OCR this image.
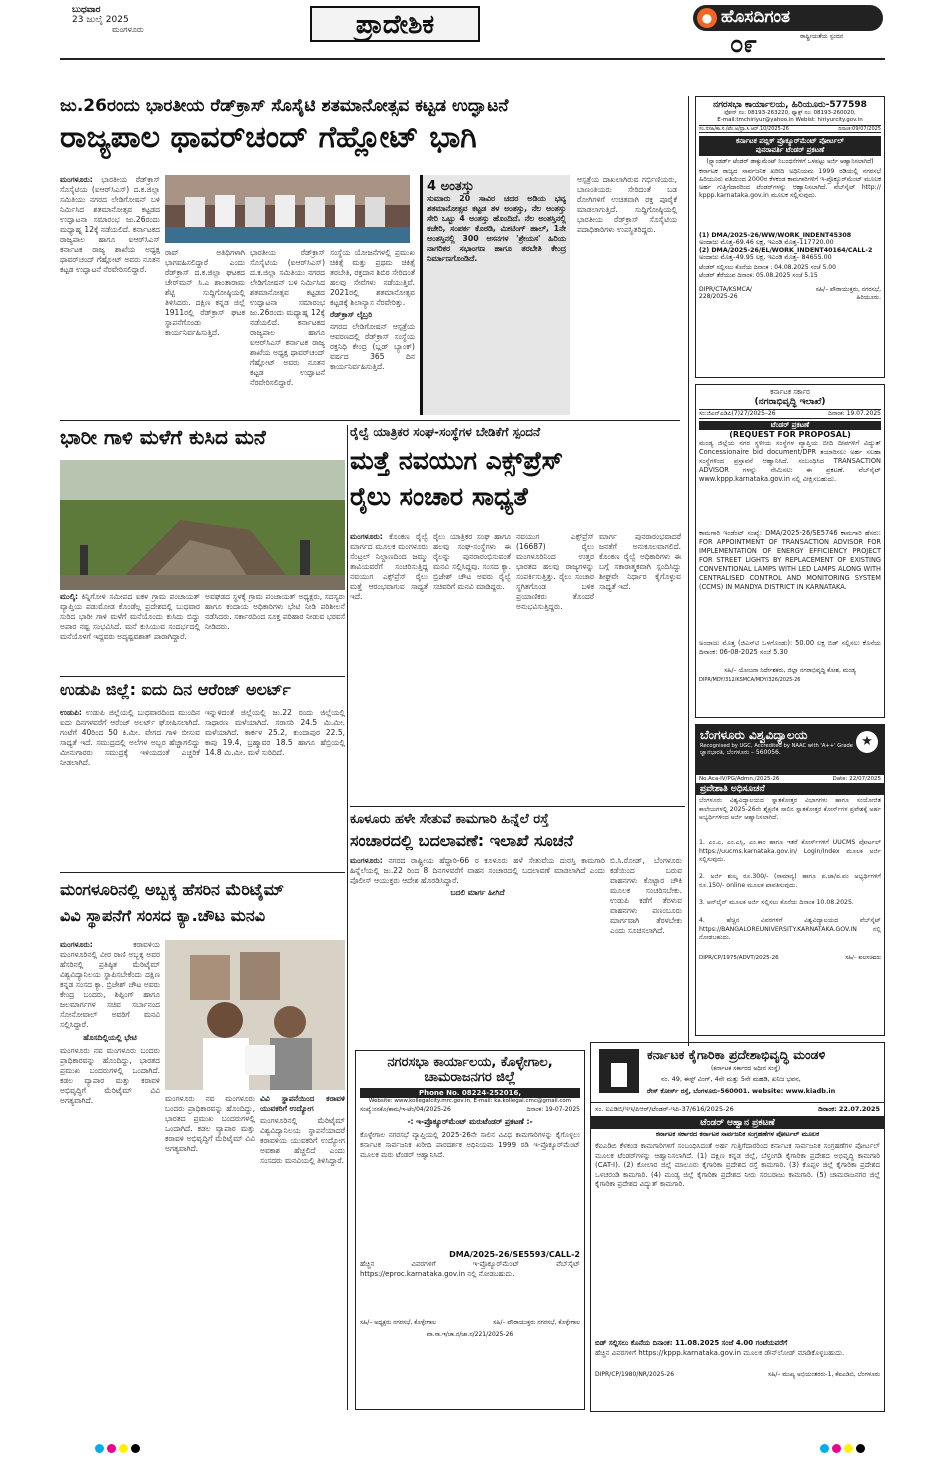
ಬುಧವಾರ
23 ಜುಲೈ 2025
ಮಂಗಳೂರು	ಪ್ರಾದೇಶಿಕ	● ಹೊಸದಿಗಂತ
ರಾಷ್ಟ್ರೀಯತೆಯ ಸ್ಪಂದನ
೦೯
ಜು.26ರಂದು ಭಾರತೀಯ ರೆಡ್‌ಕ್ರಾಸ್ ಸೊಸೈಟಿ ಶತಮಾನೋತ್ಸವ ಕಟ್ಟಡ ಉದ್ಘಾಟನೆ
ರಾಜ್ಯಪಾಲ ಥಾವರ್‌ಚಂದ್ ಗೆಹ್ಲೋಟ್ ಭಾಗಿ
ಮಂಗಳೂರು: ಭಾರತೀಯ ರೆಡ್‌ಕ್ರಾಸ್ ಸೊಸೈಟಿಯ (ಐಆರ್‌ಸಿಎಸ್) ದ.ಕ.ಜಿಲ್ಲಾ ಸಮಿತಿಯು ನಗರದ ಲೇಡಿಗೋಷನ್ ಬಳಿ ನಿರ್ಮಿಸಿದ ಶತಮಾನೋತ್ಸವ ಕಟ್ಟಡದ ಉದ್ಘಾಟನಾ ಸಮಾರಂಭ ಜು.26ರಂದು ಮಧ್ಯಾಹ್ನ 12ಕ್ಕೆ ನಡೆಯಲಿದೆ. ಕರ್ನಾಟಕದ ರಾಜ್ಯಪಾಲ ಹಾಗೂ ಐಆರ್‌ಸಿಎಸ್ ಕರ್ನಾಟಕ ರಾಜ್ಯ ಶಾಖೆಯ ಅಧ್ಯಕ್ಷ ಥಾವರ್‌ಚಂದ್ ಗೆಹ್ಲೋಟ್ ಅವರು ನೂತನ ಕಟ್ಟಡ ಉದ್ಘಾಟನೆ ನೆರವೇರಿಸಲಿದ್ದಾರೆ.
ರಾವ್ ಅತಿಥಿಗಳಾಗಿ ಭಾಗವಹಿಸಲಿದ್ದಾರೆ ಎಂದು ರೆಡ್‌ಕ್ರಾಸ್ ದ.ಕ.ಜಿಲ್ಲಾ ಘಟಕದ ಚೇರ್‌ಮನ್ ಸಿ.ಎ ಶಾಂತಾರಾಮ ಶೆಟ್ಟಿ ಸುದ್ದಿಗೋಷ್ಠಿಯಲ್ಲಿ ತಿಳಿಸಿದರು. ದಕ್ಷಿಣ ಕನ್ನಡ ಜಿಲ್ಲೆ 1911ರಲ್ಲಿ ರೆಡ್‌ಕ್ರಾಸ್ ಘಟಕ ಸ್ಥಾಪನೆಗೊಂಡು ಕಾರ್ಯನಿರ್ವಹಿಸುತ್ತಿದೆ.
ಭಾರತೀಯ ರೆಡ್‌ಕ್ರಾಸ್ ಸೊಸೈಟಿಯ (ಐಆರ್‌ಸಿಎಸ್) ದ.ಕ.ಜಿಲ್ಲಾ ಸಮಿತಿಯು ನಗರದ ಲೇಡಿಗೋಷನ್ ಬಳಿ ನಿರ್ಮಿಸಿದ ಶತಮಾನೋತ್ಸವ ಕಟ್ಟಡದ ಉದ್ಘಾಟನಾ ಸಮಾರಂಭ ಜು.26ರಂದು ಮಧ್ಯಾಹ್ನ 12ಕ್ಕೆ ನಡೆಯಲಿದೆ. ಕರ್ನಾಟಕದ ರಾಜ್ಯಪಾಲ ಹಾಗೂ ಐಆರ್‌ಸಿಎಸ್ ಕರ್ನಾಟಕ ರಾಜ್ಯ ಶಾಖೆಯ ಅಧ್ಯಕ್ಷ ಥಾವರ್‌ಚಂದ್ ಗೆಹ್ಲೋಟ್ ಅವರು ನೂತನ ಕಟ್ಟಡ ಉದ್ಘಾಟನೆ ನೆರವೇರಿಸಲಿದ್ದಾರೆ.
ಸಂಸ್ಥೆಯ ಯೋಜನೆಗಳಲ್ಲಿ ಪ್ರಮುಖ ಚಿಕಿತ್ಸೆ ಮತ್ತು ಪ್ರಥಮ ಚಿಕಿತ್ಸೆ ತರಬೇತಿ, ರಕ್ತದಾನ ಶಿಬಿರ ಸೇರಿದಂತೆ ಹಲವು ಸೇವೆಗಳು ನಡೆಯುತ್ತಿವೆ. 2021ರಲ್ಲಿ ಶತಮಾನೋತ್ಸವ ಕಟ್ಟಡಕ್ಕೆ ಶಿಲಾನ್ಯಾಸ ನೆರವೇರಿತ್ತು.
ರೆಡ್‌ಕ್ರಾಸ್ ಲೈಬ್ರರಿ
ನಗರದ ಲೇಡಿಗೋಷನ್ ಆಸ್ಪತ್ರೆಯ ಆವರಣದಲ್ಲಿ ರೆಡ್‌ಕ್ರಾಸ್ ಸಂಸ್ಥೆಯ ರಕ್ತನಿಧಿ ಕೇಂದ್ರ (ಬ್ಲಡ್ ಬ್ಯಾಂಕ್) ವರ್ಷದ 365 ದಿನ ಕಾರ್ಯನಿರ್ವಹಿಸುತ್ತಿದೆ.
4 ಅಂತಸ್ತು
ಸುಮಾರು 20 ಸಾವಿರ ಚದರ ಅಡಿಯ ಭವ್ಯ ಶತಮಾನೋತ್ಸವ ಕಟ್ಟಡ ತಳ ಅಂತಸ್ತು, ನೆಲ ಅಂತಸ್ತು ಸೇರಿ ಒಟ್ಟು 4 ಅಂತಸ್ತು ಹೊಂದಿದೆ. ನೆಲ ಅಂತಸ್ತಿನಲ್ಲಿ ಕಚೇರಿ, ಸಂಪರ್ಕ ಕೊಠಡಿ, ಮೀಟಿಂಗ್ ಹಾಲ್, 1ನೇ ಅಂತಸ್ತಿನಲ್ಲಿ 300 ಆಸನಗಳ 'ಶ್ರೇಯಸ' ಹಿರಿಯ ನಾಗರಿಕರ ಸಭಾಂಗಣ ಹಾಗೂ ತರಬೇತಿ ಕೇಂದ್ರ ನಿರ್ಮಾಣಗೊಂಡಿದೆ.
ಆಸ್ಪತ್ರೆಯ ದಾಖಲಾಗಿರುವ ಗರ್ಭಿಣಿಯರು, ಬಾಣಂತಿಯರು ಸೇರಿದಂತೆ ಬಡ ರೋಗಿಗಳಿಗೆ ಉಚಿತವಾಗಿ ರಕ್ತ ಪೂರೈಕೆ ಮಾಡಲಾಗುತ್ತಿದೆ. ಸುದ್ದಿಗೋಷ್ಠಿಯಲ್ಲಿ ಭಾರತೀಯ ರೆಡ್‌ಕ್ರಾಸ್ ಸೊಸೈಟಿಯ ಪದಾಧಿಕಾರಿಗಳು ಉಪಸ್ಥಿತರಿದ್ದರು.
ಭಾರೀ ಗಾಳಿ ಮಳೆಗೆ ಕುಸಿದ ಮನೆ
ಮುಲ್ಕಿ: ಕಿನ್ನಿಗೋಳಿ ಸಮೀಪದ ಐಕಳ ಗ್ರಾಮ ಪಂಚಾಯತ್ ವ್ಯಾಪ್ತಿಯ ಪಡುಮೋಡ ಕೊಂಡೆಲ್ಲ ಪ್ರದೇಶದಲ್ಲಿ ಬುಧವಾರ ಸುರಿದ ಭಾರೀ ಗಾಳಿ ಮಳೆಗೆ ಮನೆಯೊಂದು ಕುಸಿದು ಬಿದ್ದು ಅಪಾರ ನಷ್ಟ ಸಂಭವಿಸಿದೆ. ಮನೆ ಕುಸಿಯುವ ಸಂದರ್ಭದಲ್ಲಿ ಮನೆಯೊಳಗೆ ಇದ್ದವರು ಅದೃಷ್ಟವಶಾತ್ ಪಾರಾಗಿದ್ದಾರೆ.
ಅವಘಡದ ಸ್ಥಳಕ್ಕೆ ಗ್ರಾಮ ಪಂಚಾಯತ್ ಅಧ್ಯಕ್ಷರು, ಸದಸ್ಯರು ಹಾಗೂ ಕಂದಾಯ ಅಧಿಕಾರಿಗಳು ಭೇಟಿ ನೀಡಿ ಪರಿಶೀಲನೆ ನಡೆಸಿದರು. ಸರ್ಕಾರದಿಂದ ಸೂಕ್ತ ಪರಿಹಾರ ನೀಡುವ ಭರವಸೆ ನೀಡಿದರು.
ಉಡುಪಿ ಜಿಲ್ಲೆ: ಐದು ದಿನ ಆರೆಂಜ್ ಅಲರ್ಟ್
ಉಡುಪಿ: ಉಡುಪಿ ಜಿಲ್ಲೆಯಲ್ಲಿ ಬುಧವಾರದಿಂದ ಮುಂದಿನ ಐದು ದಿನಗಳವರೆಗೆ ಆರೆಂಜ್ ಅಲರ್ಟ್ ಘೋಷಿಸಲಾಗಿದೆ. ಗಂಟೆಗೆ 40ರಿಂದ 50 ಕಿ.ಮೀ. ವೇಗದ ಗಾಳಿ ಬೀಸುವ ಸಾಧ್ಯತೆ ಇದೆ. ಸಮುದ್ರದಲ್ಲಿ ಅಲೆಗಳ ಅಬ್ಬರ ಹೆಚ್ಚಾಗಲಿದ್ದು ಮೀನುಗಾರರು ಸಮುದ್ರಕ್ಕೆ ಇಳಿಯದಂತೆ ಎಚ್ಚರಿಕೆ ನೀಡಲಾಗಿದೆ.
ಇನ್ನುಳಿದಂತೆ ಜಿಲ್ಲೆಯಲ್ಲಿ ಜು.22 ರಂದು ಜಿಲ್ಲೆಯಲ್ಲಿ ಸಾಧಾರಣ ಮಳೆಯಾಗಿದೆ. ಸರಾಸರಿ 24.5 ಮಿ.ಮೀ. ಮಳೆಯಾಗಿದೆ. ಕಾರ್ಕಳ 25.2, ಕುಂದಾಪುರ 22.5, ಕಾಪು 19.4, ಬ್ರಹ್ಮಾವರ 18.5 ಹಾಗೂ ಹೆಬ್ರಿಯಲ್ಲಿ 14.8 ಮಿ.ಮೀ. ಮಳೆ ಸುರಿದಿದೆ.
ಮಂಗಳೂರಿನಲ್ಲಿ ಅಬ್ಬಕ್ಕ ಹೆಸರಿನ ಮೆರಿಟೈಮ್
ವಿವಿ ಸ್ಥಾಪನೆಗೆ ಸಂಸದ ಕ್ಯಾ.ಚೌಟ ಮನವಿ
ಮಂಗಳೂರು:	ಕರಾವಳಿಯ ಮಂಗಳೂರಿನಲ್ಲಿ ವೀರ ರಾಣಿ ಅಬ್ಬಕ್ಕ ಅವರ ಹೆಸರಿನಲ್ಲಿ ಪ್ರತಿಷ್ಠಿತ ಮೆರಿಟೈಮ್ ವಿಶ್ವವಿದ್ಯಾನಿಲಯ ಸ್ಥಾಪಿಸಬೇಕೆಂದು ದಕ್ಷಿಣ ಕನ್ನಡ ಸಂಸದ ಕ್ಯಾ. ಬ್ರಿಜೇಶ್ ಚೌಟ ಅವರು ಕೇಂದ್ರ ಬಂದರು, ಶಿಪ್ಪಿಂಗ್ ಹಾಗೂ ಜಲಮಾರ್ಗಗಳ ಸಚಿವ ಸರ್ಬಾನಂದ ಸೋನೋವಾಲ್ ಅವರಿಗೆ ಮನವಿ ಸಲ್ಲಿಸಿದ್ದಾರೆ.
ಹೊಸದಿಲ್ಲಿಯಲ್ಲಿ ಭೇಟಿ
ಮಂಗಳೂರು ನವ ಮಂಗಳೂರು ಬಂದರು ಪ್ರಾಧಿಕಾರವನ್ನು ಹೊಂದಿದ್ದು, ಭಾರತದ ಪ್ರಮುಖ ಬಂದರುಗಳಲ್ಲಿ ಒಂದಾಗಿದೆ. ಕಡಲ ವ್ಯಾಪಾರ ಮತ್ತು ಕರಾವಳಿ ಅಭಿವೃದ್ಧಿಗೆ ಮೆರಿಟೈಮ್ ವಿವಿ ಅಗತ್ಯವಾಗಿದೆ.	ಮಂಗಳೂರು ನವ ಮಂಗಳೂರು ಬಂದರು ಪ್ರಾಧಿಕಾರವನ್ನು ಹೊಂದಿದ್ದು, ಭಾರತದ ಪ್ರಮುಖ ಬಂದರುಗಳಲ್ಲಿ ಒಂದಾಗಿದೆ. ಕಡಲ ವ್ಯಾಪಾರ ಮತ್ತು ಕರಾವಳಿ ಅಭಿವೃದ್ಧಿಗೆ ಮೆರಿಟೈಮ್ ವಿವಿ ಅಗತ್ಯವಾಗಿದೆ.
ವಿವಿ ಸ್ಥಾಪನೆಯಿಂದ ಕರಾವಳಿ ಯುವಕರಿಗೆ ಉದ್ಯೋಗ
ಮಂಗಳೂರಿನಲ್ಲಿ ಮೆರಿಟೈಮ್ ವಿಶ್ವವಿದ್ಯಾನಿಲಯ ಸ್ಥಾಪನೆಯಾದರೆ ಕರಾವಳಿಯ ಯುವಕರಿಗೆ ಉದ್ಯೋಗ ಅವಕಾಶ ಹೆಚ್ಚಲಿದೆ ಎಂದು ಸಂಸದರು ಮನವಿಯಲ್ಲಿ ತಿಳಿಸಿದ್ದಾರೆ.
ರೈಲ್ವೆ ಯಾತ್ರಿಕರ ಸಂಘ-ಸಂಸ್ಥೆಗಳ ಬೇಡಿಕೆಗೆ ಸ್ಪಂದನೆ
ಮತ್ತೆ ನವಯುಗ ಎಕ್ಸ್‌ಪ್ರೆಸ್
ರೈಲು ಸಂಚಾರ ಸಾಧ್ಯತೆ
ಮಂಗಳೂರು: ಕೊಂಕಣ ರೈಲ್ವೆ ಮಾರ್ಗದ ಮೂಲಕ ಮಂಗಳೂರು ಸೆಂಟ್ರಲ್ ನಿಲ್ದಾಣದಿಂದ ಜಮ್ಮು ತಾವಿಯವರೆಗೆ ಸಂಚರಿಸುತ್ತಿದ್ದ ನವಯುಗ ಎಕ್ಸ್‌ಪ್ರೆಸ್ ರೈಲು ಮತ್ತೆ ಆರಂಭವಾಗುವ ಸಾಧ್ಯತೆ ಇದೆ.
ರೈಲು ಯಾತ್ರಿಕರ ಸಂಘ ಹಾಗೂ ಹಲವು ಸಂಘ-ಸಂಸ್ಥೆಗಳು ಈ ರೈಲನ್ನು ಪುನರಾರಂಭಿಸುವಂತೆ ಮನವಿ ಸಲ್ಲಿಸಿದ್ದವು. ಸಂಸದ ಕ್ಯಾ. ಬ್ರಿಜೇಶ್ ಚೌಟ ಅವರು ರೈಲ್ವೆ ಸಚಿವರಿಗೆ ಮನವಿ ಮಾಡಿದ್ದರು.
ನವಯುಗ ಎಕ್ಸ್‌ಪ್ರೆಸ್ (16687) ರೈಲು ಮಂಗಳೂರಿನಿಂದ ಉತ್ತರ ಭಾರತದ ಹಲವು ರಾಜ್ಯಗಳನ್ನು ಸಂಪರ್ಕಿಸುತ್ತಿತ್ತು. ರೈಲು ಸಂಚಾರ ಸ್ಥಗಿತಗೊಂಡ ಬಳಿಕ ಪ್ರಯಾಣಿಕರು ತೊಂದರೆ ಅನುಭವಿಸುತ್ತಿದ್ದರು.
ಮಾರ್ಗ ಪುನರಾರಂಭವಾದರೆ ಜನತೆಗೆ ಅನುಕೂಲವಾಗಲಿದೆ. ಕೊಂಕಣ ರೈಲ್ವೆ ಅಧಿಕಾರಿಗಳು ಈ ಬಗ್ಗೆ ಸಕಾರಾತ್ಮಕವಾಗಿ ಸ್ಪಂದಿಸಿದ್ದು ಶೀಘ್ರವೇ ನಿರ್ಧಾರ ಕೈಗೊಳ್ಳುವ ಸಾಧ್ಯತೆ ಇದೆ.
ಕೂಳೂರು ಹಳೇ ಸೇತುವೆ ಕಾಮಗಾರಿ ಹಿನ್ನೆಲೆ ರಸ್ತೆ
ಸಂಚಾರದಲ್ಲಿ ಬದಲಾವಣೆ: ಇಲಾಖೆ ಸೂಚನೆ
ಮಂಗಳೂರು: ನಗರದ ರಾಷ್ಟ್ರೀಯ ಹೆದ್ದಾರಿ-66 ರ ಕೂಳೂರು ಹಳೆ ಸೇತುವೆಯ ದುರಸ್ತಿ ಕಾಮಗಾರಿ ಹಿನ್ನೆಲೆಯಲ್ಲಿ ಜು.22 ರಿಂದ 8 ದಿನಗಳವರೆಗೆ ವಾಹನ ಸಂಚಾರದಲ್ಲಿ ಬದಲಾವಣೆ ಮಾಡಲಾಗಿದೆ ಎಂದು ಪೊಲೀಸ್ ಆಯುಕ್ತರು ಆದೇಶ ಹೊರಡಿಸಿದ್ದಾರೆ.
ಬದಲಿ ಮಾರ್ಗ ಹೀಗಿದೆ
ಬಿ.ಸಿ.ರೋಡ್, ಬೆಂಗಳೂರು ಕಡೆಯಿಂದ ಬರುವ ವಾಹನಗಳು ಕೊಟ್ಟಾರ ಚೌಕಿ ಮೂಲಕ ಸಂಚರಿಸಬೇಕು. ಉಡುಪಿ ಕಡೆಗೆ ತೆರಳುವ ವಾಹನಗಳು ಪಣಂಬೂರು ಮಾರ್ಗವಾಗಿ ತೆರಳಬೇಕು ಎಂದು ಸೂಚಿಸಲಾಗಿದೆ.
ನಗರಸಭಾ ಕಾರ್ಯಾಲಯ, ಕೊಳ್ಳೇಗಾಲ,
ಚಾಮರಾಜನಗರ ಜಿಲ್ಲೆ
Phone No. 08224-252016,
Website: www.kollegalcity.mrc.gov.in, E-mail: ka.kollegal.cmc@gmail.com
ಸಂಖ್ಯೆ:ನಸಕೊ/ಕಾಮ/ಇ-ಟೆಂ/04/2025-26	ದಿನಾಂಕ: 19-07-2025
-: ಇ-ಪ್ರೊಕ್ಯೂರ್‌ಮೆಂಟ್ ಮರುಟೆಂಡರ್ ಪ್ರಕಟಣೆ :-
ಕೊಳ್ಳೇಗಾಲ ನಗರಸಭೆ ವ್ಯಾಪ್ತಿಯಲ್ಲಿ 2025-26ನೇ ಸಾಲಿನ ವಿವಿಧ ಕಾಮಗಾರಿಗಳನ್ನು ಕೈಗೊಳ್ಳಲು ಕರ್ನಾಟಕ ಸಾರ್ವಜನಿಕ ಖರೀದಿ ಪಾರದರ್ಶಕ ಅಧಿನಿಯಮ 1999 ರಡಿ ಇ-ಪ್ರೊಕ್ಯೂರ್‌ಮೆಂಟ್ ಮೂಲಕ ಮರು ಟೆಂಡರ್ ಆಹ್ವಾನಿಸಿದೆ.
DMA/2025-26/SE5593/CALL-2
ಹೆಚ್ಚಿನ ವಿವರಗಳಿಗೆ ಇ-ಪ್ರೊಕ್ಯೂರ್‌ಮೆಂಟ್ ವೆಬ್‌ಸೈಟ್ https://eproc.karnataka.gov.in ನಲ್ಲಿ ನೋಡಬಹುದು.
ಸಹಿ/– ಅಧ್ಯಕ್ಷರು ನಗರಸಭೆ, ಕೊಳ್ಳೇಗಾಲ	ಸಹಿ/– ಪೌರಾಯುಕ್ತರು ನಗರಸಭೆ, ಕೊಳ್ಳೇಗಾಲ
ವಾ.ಸಾ.ಇ/ಚಾ.ನ/ಜಾ.ನ/221/2025-26
ನಗರಸಭಾ ಕಾರ್ಯಾಲಯ, ಹಿರಿಯೂರು-577598
ಫೋನ್ ನಂ: 08193-263220, ಫ್ಯಾಕ್ಸ್ ನಂ: 08193-260020,
E-mail:tmchiriyur@yahoo.in Webist: hiriyurcity.gov.in
ಸಂ.ನಸಹಿ/ಕಾ.ಸ./ಟೆಂ.ಅ/ಪ್ರಾ.ಸಿ.ಆರ್.10/2025-26	ದಿನಾಂಕ:09/07/2025
ಕರ್ನಾಟಕ ಪಬ್ಲಿಕ್ ಪ್ರೊಕ್ಯೂರ್‌ಮೆಂಟ್ ಪೋರ್ಟಲ್
ಪುನರಾವರ್ತಿ ಟೆಂಡರ್ ಪ್ರಕಟಣೆ
(ಸ್ಟ್ಯಾಂಡರ್ಡ್ ಟೆಂಡರ್ ಡಾಕ್ಯುಮೆಂಟ್ ನಿಬಂಧನೆಗಳಿಗೆ ಒಳಪಟ್ಟು ಅರ್ಜಿ ಆಹ್ವಾನಿಸಲಾಗಿದೆ)
ಕರ್ನಾಟಕ ರಾಜ್ಯದ ಸಾರ್ವಜನಿಕ ಖರೀದಿ ಅಧಿನಿಯಮ 1999 ರಡಿಯಲ್ಲಿ ನಗರಸಭೆ ಹಿರಿಯೂರು ವತಿಯಿಂದ 2000ರ ಕೆಳಕಂಡ ಕಾಮಗಾರಿಗಳಿಗೆ ಇ-ಪ್ರೊಕ್ಯೂರ್‌ಮೆಂಟ್ ಮೂಲಕ ಅರ್ಹ ಗುತ್ತಿಗೆದಾರರಿಂದ ಟೆಂಡರ್‌ಗಳನ್ನು ಆಹ್ವಾನಿಸಲಾಗಿದೆ. ವೆಬ್‌ಸೈಟ್ http:// kppp.karnataka.gov.in ಮೂಲಕ ಸಲ್ಲಿಸುವುದು.
(1) DMA/2025-26/WW/WORK_INDENT45308
ಅಂದಾಜು ಮೊತ್ತ–69.46 ಲಕ್ಷ, ಇಎಂಡಿ ಮೊತ್ತ–117720.00
(2) DMA/2025-26/EL/WORK_INDENT40164/CALL-2
ಅಂದಾಜು ಮೊತ್ತ–49.95 ಲಕ್ಷ, ಇಎಂಡಿ ಮೊತ್ತ– 84655.00
ಟೆಂಡರ್ ಸಲ್ಲಿಸಲು ಕೊನೆಯ ದಿನಾಂಕ : 04.08.2025 ಸಂಜೆ 5.00
ಟೆಂಡರ್ ತೆರೆಯುವ ದಿನಾಂಕ: 05.08.2025 ಸಂಜೆ 5.15
DIPR/CTA/KSMCA/ 228/2025-26
ಸಹಿ/– ಪೌರಾಯುಕ್ತರು, ನಗರಸಭೆ, ಹಿರಿಯೂರು.
ಕರ್ನಾಟಕ ಸರ್ಕಾರ
(ನಗರಾಭಿವೃದ್ಧಿ ಇಲಾಖೆ)
ಸಂ:ಜಿಎನ್‌ಎಡಿಪಿ(7)27/2025–26	ದಿನಾಂಕ: 19.07.2025
ಟೆಂಡರ್ ಪ್ರಕಟಣೆ
(REQUEST FOR PROPOSAL)
ಮಂಡ್ಯ ಜಿಲ್ಲೆಯ ನಗರ ಸ್ಥಳೀಯ ಸಂಸ್ಥೆಗಳ ವ್ಯಾಪ್ತಿಯ ಬೀದಿ ದೀಪಗಳಿಗೆ ವಿದ್ಯುತ್ Concessionaire bid document/DPR ತಯಾರಿಸಲು ಅರ್ಹ ಸಲಹಾ ಸಂಸ್ಥೆಗಳಿಂದ ಪ್ರಸ್ತಾವನೆ ಆಹ್ವಾನಿಸಿದೆ. ಸಂಬಂಧಿಸಿದ TRANSACTION ADVISOR ಗಳನ್ನು ನೇಮಿಸಲು ಈ ಪ್ರಕಟಣೆ. ವೆಬ್‌ಸೈಟ್ www.kppp.karnataka.gov.in ನಲ್ಲಿ ವೀಕ್ಷಿಸಬಹುದು.
ಕಾಮಗಾರಿ ಇಂಡೆಂಟ್ ಸಂಖ್ಯೆ: DMA/2025-26/SE5746 ಕಾಮಗಾರಿ ಹೆಸರು: FOR APPOINTMENT OF TRANSACTION ADVISOR FOR IMPLEMENTATION OF ENERGY EFFICIENCY PROJECT FOR STREET LIGHTS BY REPLACEMENT OF EXISTING CONVENTIONAL LAMPS WITH LED LAMPS ALONG WITH CENTRALISED CONTROL AND MONITORING SYSTEM (CCMS) IN MANDYA DISTRICT IN KARNATAKA.
ಅಂದಾಜು ಮೊತ್ತ (ಜಿಎಸ್‌ಟಿ ಒಳಗೊಂಡು): 50.00 ಲಕ್ಷ ಬಿಡ್ ಸಲ್ಲಿಸಲು ಕೊನೆಯ ದಿನಾಂಕ: 06-08-2025 ಸಂಜೆ 5.30
ಸಹಿ/– ಯೋಜನಾ ನಿರ್ದೇಶಕರು, ಜಿಲ್ಲಾ ನಗರಾಭಿವೃದ್ಧಿ ಕೋಶ, ಮಂಡ್ಯ
DIPR/MDY/312/KSMCA/MDY/326/2025-26
★
ಬೆಂಗಳೂರು ವಿಶ್ವವಿದ್ಯಾಲಯ
Recognised by UGC, Accredited by NAAC with 'A++' Grade
ಜ್ಞಾನಭಾರತಿ, ಬೆಂಗಳೂರು – 560056.
No.Aca-IV/PG/Admn./2025-26	Date: 22/07/2025
ಪ್ರವೇಶಾತಿ ಅಧಿಸೂಚನೆ
ಬೆಂಗಳೂರು ವಿಶ್ವವಿದ್ಯಾಲಯದ ಸ್ನಾತಕೋತ್ತರ ವಿಭಾಗಗಳು ಹಾಗೂ ಸಂಯೋಜಿತ ಕಾಲೇಜುಗಳಲ್ಲಿ 2025-26ನೇ ಶೈಕ್ಷಣಿಕ ಸಾಲಿನ ಸ್ನಾತಕೋತ್ತರ ಕೋರ್ಸ್‌ಗಳ ಪ್ರವೇಶಕ್ಕೆ ಅರ್ಹ ಅಭ್ಯರ್ಥಿಗಳಿಂದ ಅರ್ಜಿ ಆಹ್ವಾನಿಸಲಾಗಿದೆ.
1. ಎಂ.ಎ, ಎಂ.ಎಸ್ಸಿ, ಎಂ.ಕಾಂ ಹಾಗೂ ಇತರೆ ಕೋರ್ಸ್‌ಗಳಿಗೆ UUCMS ಪೋರ್ಟಲ್ https://uucms.karnataka.gov.in/ Login/Index ಮೂಲಕ ಅರ್ಜಿ ಸಲ್ಲಿಸುವುದು.
2. ಅರ್ಜಿ ಶುಲ್ಕ ರೂ.300/- (ಸಾಮಾನ್ಯ) ಹಾಗೂ ಪ.ಜಾ/ಪ.ಪಂ ಅಭ್ಯರ್ಥಿಗಳಿಗೆ ರೂ.150/- online ಮೂಲಕ ಪಾವತಿಸುವುದು.
3. ಆನ್‌ಲೈನ್ ಮೂಲಕ ಅರ್ಜಿ ಸಲ್ಲಿಸಲು ಕೊನೆಯ ದಿನಾಂಕ 10.08.2025.
4. ಹೆಚ್ಚಿನ ವಿವರಗಳಿಗೆ ವಿಶ್ವವಿದ್ಯಾಲಯದ ವೆಬ್‌ಸೈಟ್ https://BANGALOREUNIVERSITY.KARNATAKA.GOV.IN ನಲ್ಲಿ ನೋಡಬಹುದು.
DIPR/CP/1975/ADVT/2025-26	ಸಹಿ/– ಕುಲಸಚಿವರು
ಕರ್ನಾಟಕ ಕೈಗಾರಿಕಾ ಪ್ರದೇಶಾಭಿವೃದ್ಧಿ ಮಂಡಳಿ
(ಕರ್ನಾಟಕ ಸರ್ಕಾರದ ಅಧೀನ ಸಂಸ್ಥೆ)
ನಂ. 49, ಈಸ್ಟ್ ವಿಂಗ್, 4ನೇ ಮತ್ತು 5ನೇ ಮಹಡಿ, ಖನಿಜ ಭವನ,
ರೇಸ್ ಕೋರ್ಸ್ ರಸ್ತೆ, ಬೆಂಗಳೂರು-560001. website: www.kiadb.in
ಸಂ. ಐಎಡಿಬಿ/ಇಇ/ಪಿಆರ್/ಟೆಂಡರ್-ಇಪಿ-37/616/2025-26	ದಿನಾಂಕ: 22.07.2025
ಟೆಂಡರ್ ಆಹ್ವಾನ ಪ್ರಕಟಣೆ
ಕರ್ನಾಟಕ ಸರ್ಕಾರದ ಕರ್ನಾಟಕ ಸಾರ್ವಜನಿಕ ಸಂಗ್ರಹಣೆಗಳ ಪೋರ್ಟಲ್ ಮೂಲಕ
ಕೆಐಎಡಿಬಿ ಕೆಳಕಂಡ ಕಾಮಗಾರಿಗಳಿಗೆ ಸಂಬಂಧಿಸಿದಂತೆ ಅರ್ಹ ಗುತ್ತಿಗೆದಾರರಿಂದ ಕರ್ನಾಟಕ ಸಾರ್ವಜನಿಕ ಸಂಗ್ರಹಣೆಗಳ ಪೋರ್ಟಲ್ ಮೂಲಕ ಟೆಂಡರ್‌ಗಳನ್ನು ಆಹ್ವಾನಿಸಲಾಗಿದೆ. (1) ದಕ್ಷಿಣ ಕನ್ನಡ ಜಿಲ್ಲೆ, ಬೆಳ್ತಂಗಡಿ ಕೈಗಾರಿಕಾ ಪ್ರದೇಶದ ಅಭಿವೃದ್ಧಿ ಕಾಮಗಾರಿ (CAT-I). (2) ಕೋಲಾರ ಜಿಲ್ಲೆ ಮಾಲೂರು ಕೈಗಾರಿಕಾ ಪ್ರದೇಶದ ರಸ್ತೆ ಕಾಮಗಾರಿ. (3) ಕೊಪ್ಪಳ ಜಿಲ್ಲೆ ಕೈಗಾರಿಕಾ ಪ್ರದೇಶದ ಒಳಚರಂಡಿ ಕಾಮಗಾರಿ. (4) ಮಂಡ್ಯ ಜಿಲ್ಲೆ ಕೈಗಾರಿಕಾ ಪ್ರದೇಶದ ನೀರು ಸರಬರಾಜು ಕಾಮಗಾರಿ. (5) ಚಾಮರಾಜನಗರ ಜಿಲ್ಲೆ ಕೈಗಾರಿಕಾ ಪ್ರದೇಶದ ವಿದ್ಯುತ್ ಕಾಮಗಾರಿ.
ಬಿಡ್ ಸಲ್ಲಿಸಲು ಕೊನೆಯ ದಿನಾಂಕ: 11.08.2025 ಸಂಜೆ 4.00 ಗಂಟೆಯವರೆಗೆ
ಹೆಚ್ಚಿನ ವಿವರಗಳಿಗೆ https://kppp.karnataka.gov.in ಮೂಲಕ ಡೌನ್‌ಲೋಡ್ ಮಾಡಿಕೊಳ್ಳಬಹುದು.
DIPR/CP/1980/NR/2025-26	ಸಹಿ/– ಮುಖ್ಯ ಅಭಿಯಂತರರು-1, ಕೆಐಎಡಿಬಿ, ಬೆಂಗಳೂರು
